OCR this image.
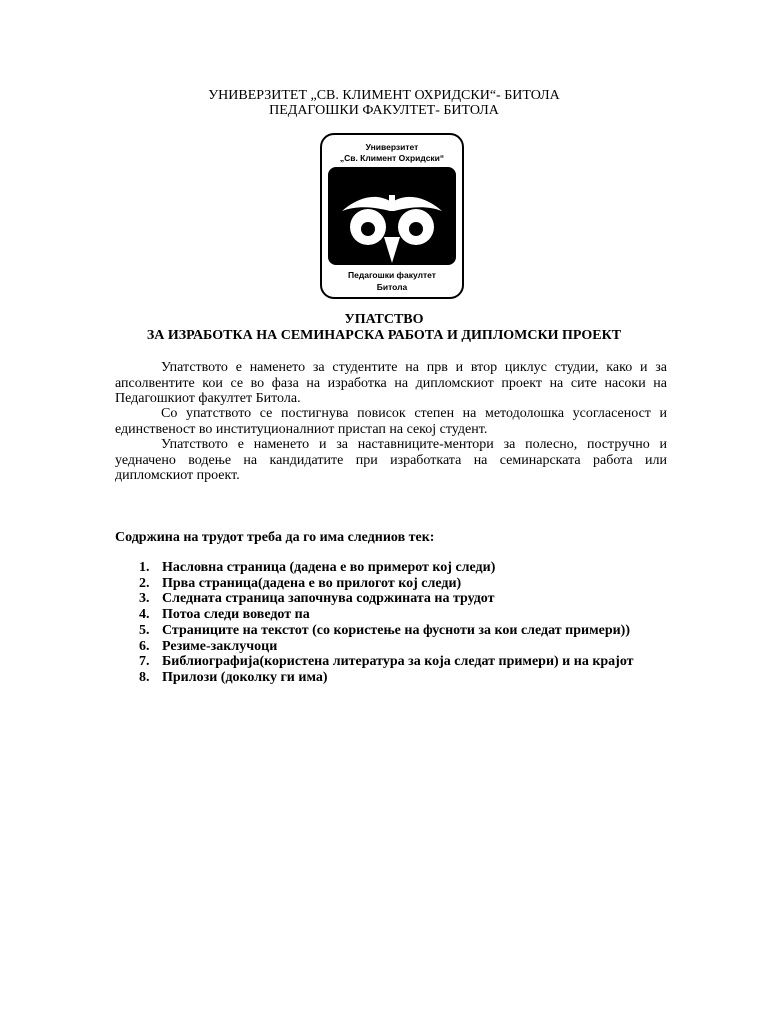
УНИВЕРЗИТЕТ „СВ. КЛИМЕНТ ОХРИДСКИ“- БИТОЛА
ПЕДАГОШКИ ФАКУЛТЕТ- БИТОЛА
Универзитет
„Св. Климент Охридски“
Педагошки факултет
Битола
УПАТСТВО
ЗА ИЗРАБОТКА НА СЕМИНАРСКА РАБОТА И ДИПЛОМСКИ ПРОЕКТ
Упатството е наменето за студентите на прв и втор циклус студии, како и за
апсолвентите кои се во фаза на изработка на дипломскиот проект на сите насоки на
Педагошкиот факултет Битола.
Со упатството се постигнува повисок степен на методолошка усогласеност и
единственост во институционалниот пристап на секој студент.
Упатството е наменето и за наставниците-ментори за полесно, постручно и
уедначено водење на кандидатите при изработката на семинарската работа или
дипломскиот проект.
Содржина на трудот треба да го има следниов тек:
1. Насловна страница (дадена е во примерот кој следи)
2. Прва страница(дадена е во прилогот кој следи)
3. Следната страница започнува содржината на трудот
4. Потоа следи воведот па
5. Страниците на текстот (со користење на фусноти за кои следат примери))
6. Резиме-заклучоци
7. Библиографија(користена литература за која следат примери) и на крајот
8. Прилози (доколку ги има)
